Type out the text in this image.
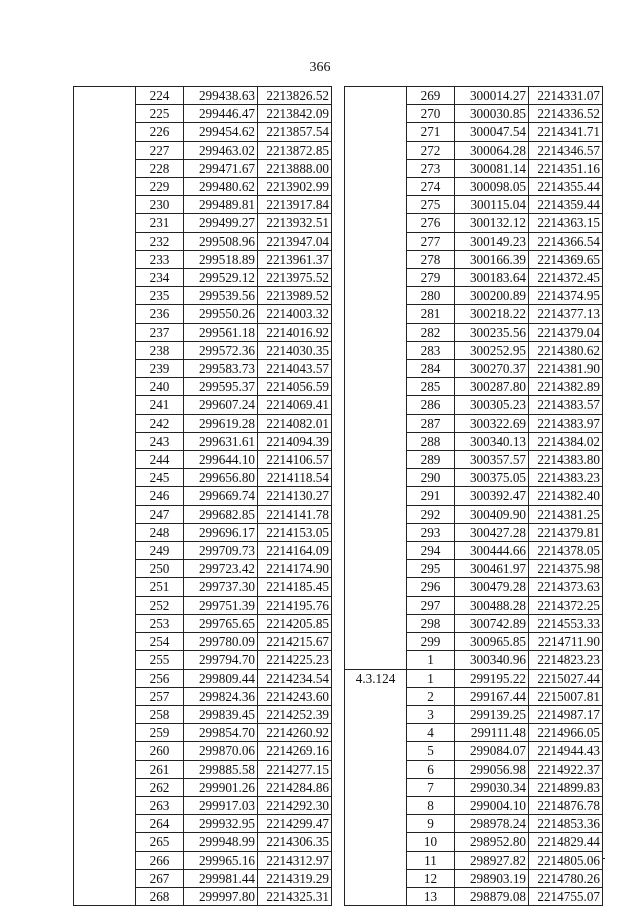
366
	224	299438.63	2213826.52
	225	299446.47	2213842.09
	226	299454.62	2213857.54
	227	299463.02	2213872.85
	228	299471.67	2213888.00
	229	299480.62	2213902.99
	230	299489.81	2213917.84
	231	299499.27	2213932.51
	232	299508.96	2213947.04
	233	299518.89	2213961.37
	234	299529.12	2213975.52
	235	299539.56	2213989.52
	236	299550.26	2214003.32
	237	299561.18	2214016.92
	238	299572.36	2214030.35
	239	299583.73	2214043.57
	240	299595.37	2214056.59
	241	299607.24	2214069.41
	242	299619.28	2214082.01
	243	299631.61	2214094.39
	244	299644.10	2214106.57
	245	299656.80	2214118.54
	246	299669.74	2214130.27
	247	299682.85	2214141.78
	248	299696.17	2214153.05
	249	299709.73	2214164.09
	250	299723.42	2214174.90
	251	299737.30	2214185.45
	252	299751.39	2214195.76
	253	299765.65	2214205.85
	254	299780.09	2214215.67
	255	299794.70	2214225.23
	256	299809.44	2214234.54
	257	299824.36	2214243.60
	258	299839.45	2214252.39
	259	299854.70	2214260.92
	260	299870.06	2214269.16
	261	299885.58	2214277.15
	262	299901.26	2214284.86
	263	299917.03	2214292.30
	264	299932.95	2214299.47
	265	299948.99	2214306.35
	266	299965.16	2214312.97
	267	299981.44	2214319.29
	268	299997.80	2214325.31
	269	300014.27	2214331.07
	270	300030.85	2214336.52
	271	300047.54	2214341.71
	272	300064.28	2214346.57
	273	300081.14	2214351.16
	274	300098.05	2214355.44
	275	300115.04	2214359.44
	276	300132.12	2214363.15
	277	300149.23	2214366.54
	278	300166.39	2214369.65
	279	300183.64	2214372.45
	280	300200.89	2214374.95
	281	300218.22	2214377.13
	282	300235.56	2214379.04
	283	300252.95	2214380.62
	284	300270.37	2214381.90
	285	300287.80	2214382.89
	286	300305.23	2214383.57
	287	300322.69	2214383.97
	288	300340.13	2214384.02
	289	300357.57	2214383.80
	290	300375.05	2214383.23
	291	300392.47	2214382.40
	292	300409.90	2214381.25
	293	300427.28	2214379.81
	294	300444.66	2214378.05
	295	300461.97	2214375.98
	296	300479.28	2214373.63
	297	300488.28	2214372.25
	298	300742.89	2214553.33
	299	300965.85	2214711.90
	1	300340.96	2214823.23
4.3.124	1	299195.22	2215027.44
	2	299167.44	2215007.81
	3	299139.25	2214987.17
	4	299111.48	2214966.05
	5	299084.07	2214944.43
	6	299056.98	2214922.37
	7	299030.34	2214899.83
	8	299004.10	2214876.78
	9	298978.24	2214853.36
	10	298952.80	2214829.44
	11	298927.82	2214805.06
	12	298903.19	2214780.26
	13	298879.08	2214755.07
